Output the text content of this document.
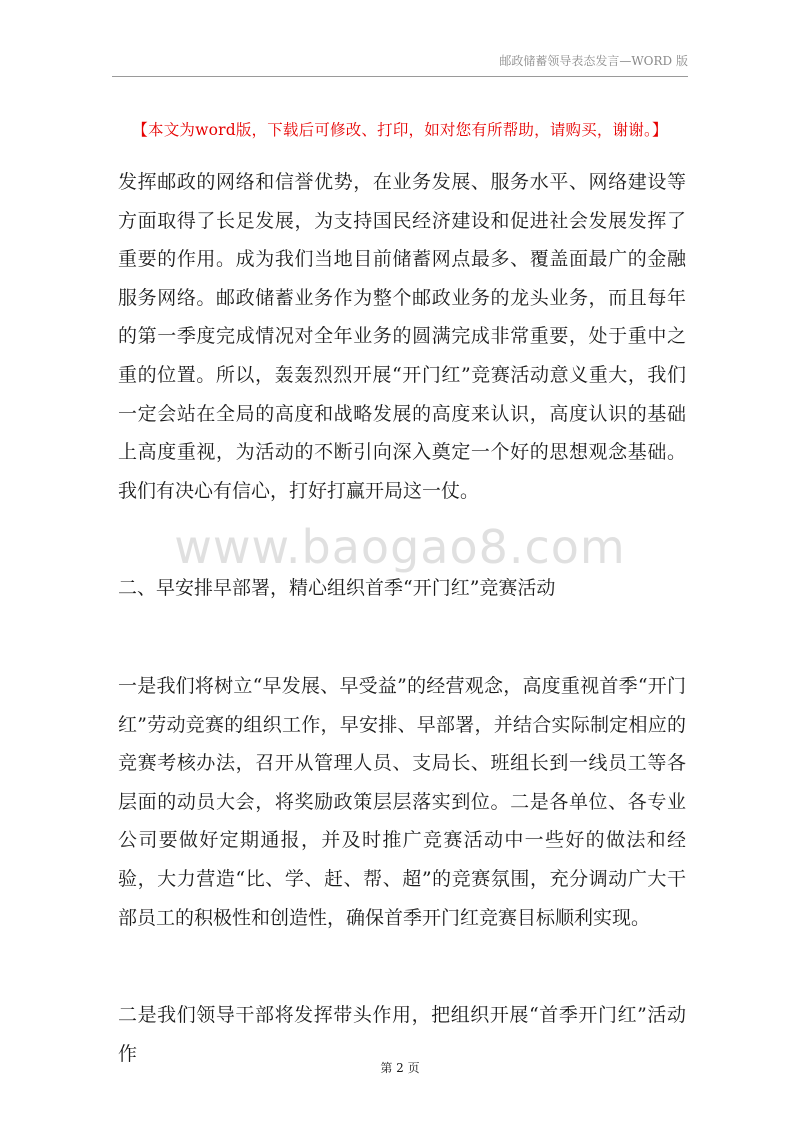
邮政储蓄领导表态发言—WORD 版
【本文为word版，下载后可修改、打印，如对您有所帮助，请购买，谢谢。】

发挥邮政的网络和信誉优势，在业务发展、服务水平、网络建设等方面取得了长足发展，为支持国民经济建设和促进社会发展发挥了重要的作用。成为我们当地目前储蓄网点最多、覆盖面最广的金融服务网络。邮政储蓄业务作为整个邮政业务的龙头业务，而且每年的第一季度完成情况对全年业务的圆满完成非常重要，处于重中之重的位置。所以，轰轰烈烈开展“开门红”竞赛活动意义重大，我们一定会站在全局的高度和战略发展的高度来认识，高度认识的基础上高度重视，为活动的不断引向深入奠定一个好的思想观念基础。我们有决心有信心，打好打赢开局这一仗。

二、早安排早部署，精心组织首季“开门红”竞赛活动

一是我们将树立“早发展、早受益”的经营观念，高度重视首季“开门红”劳动竞赛的组织工作，早安排、早部署，并结合实际制定相应的竞赛考核办法，召开从管理人员、支局长、班组长到一线员工等各层面的动员大会，将奖励政策层层落实到位。二是各单位、各专业公司要做好定期通报，并及时推广竞赛活动中一些好的做法和经验，大力营造“比、学、赶、帮、超”的竞赛氛围，充分调动广大干部员工的积极性和创造性，确保首季开门红竞赛目标顺利实现。

二是我们领导干部将发挥带头作用，把组织开展“首季开门红”活动作

www.baogao8.com
第 2 页
